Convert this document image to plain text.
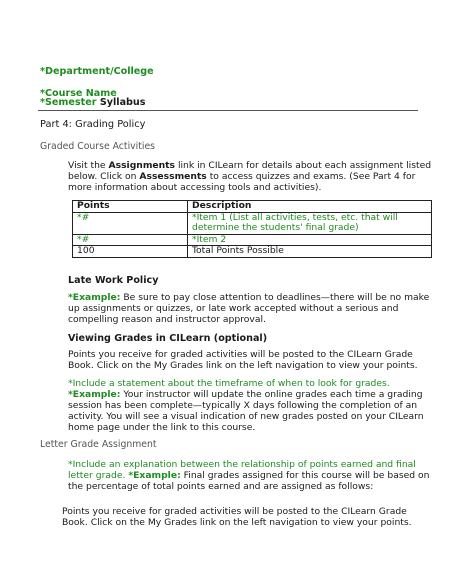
*Department/College
*Course Name
*Semester Syllabus
Part 4: Grading Policy
Graded Course Activities
Visit the Assignments link in CILearn for details about each assignment listed
below. Click on Assessments to access quizzes and exams. (See Part 4 for
more information about accessing tools and activities).
Points	Description
*#	*Item 1 (List all activities, tests, etc. that will
determine the students' final grade)
*#	*Item 2
100	Total Points Possible
Late Work Policy
*Example: Be sure to pay close attention to deadlines—there will be no make
up assignments or quizzes, or late work accepted without a serious and
compelling reason and instructor approval.
Viewing Grades in CILearn (optional)
Points you receive for graded activities will be posted to the CILearn Grade
Book. Click on the My Grades link on the left navigation to view your points.
*Include a statement about the timeframe of when to look for grades.
*Example: Your instructor will update the online grades each time a grading
session has been complete—typically X days following the completion of an
activity. You will see a visual indication of new grades posted on your CILearn
home page under the link to this course.
Letter Grade Assignment
*Include an explanation between the relationship of points earned and final
letter grade. *Example: Final grades assigned for this course will be based on
the percentage of total points earned and are assigned as follows:
Points you receive for graded activities will be posted to the CILearn Grade
Book. Click on the My Grades link on the left navigation to view your points.
